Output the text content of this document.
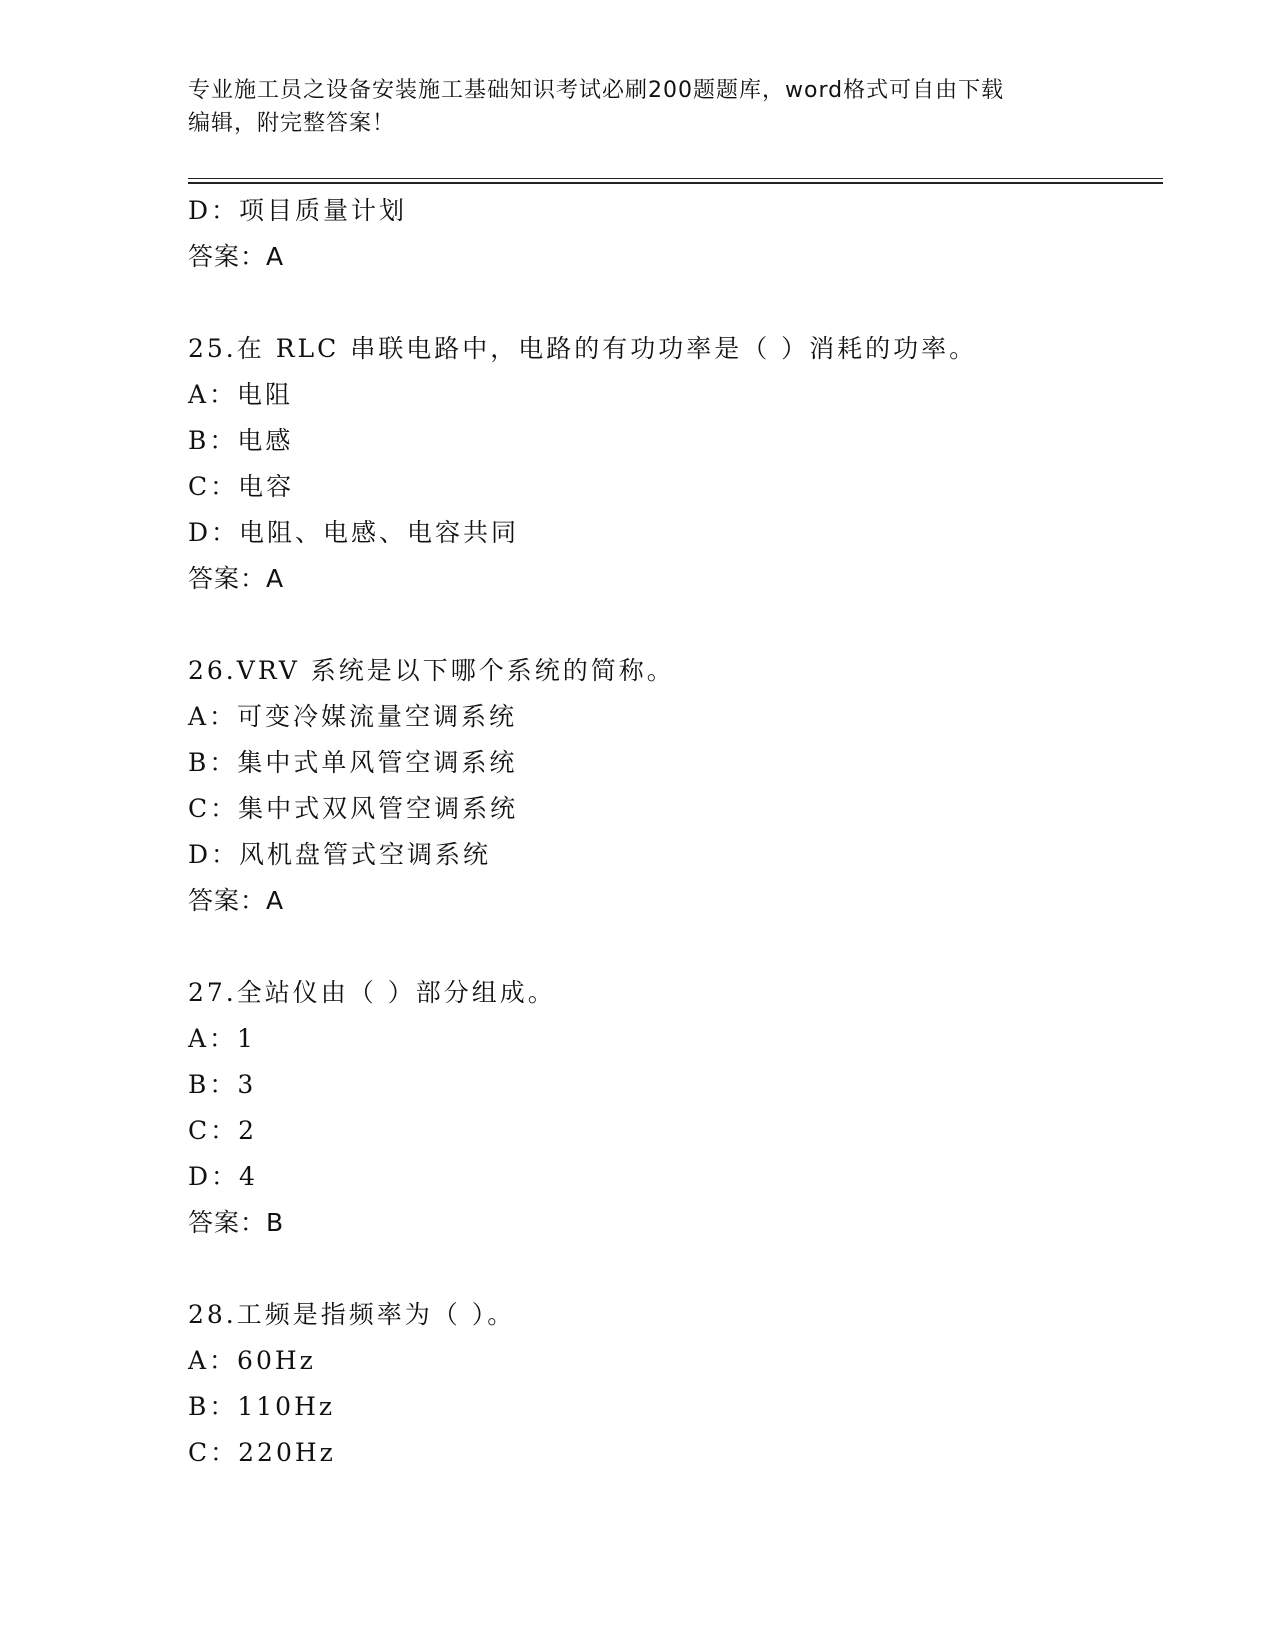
专业施工员之设备安装施工基础知识考试必刷200题题库，word格式可自由下载
编辑，附完整答案！
D：项目质量计划
答案：A
25.在 RLC 串联电路中，电路的有功功率是（ ）消耗的功率。
A：电阻
B：电感
C：电容
D：电阻、电感、电容共同
答案：A
26.VRV 系统是以下哪个系统的简称。
A：可变冷媒流量空调系统
B：集中式单风管空调系统
C：集中式双风管空调系统
D：风机盘管式空调系统
答案：A
27.全站仪由（ ）部分组成。
A：1
B：3
C：2
D：4
答案：B
28.工频是指频率为（ ）。
A：60Hz
B：110Hz
C：220Hz
